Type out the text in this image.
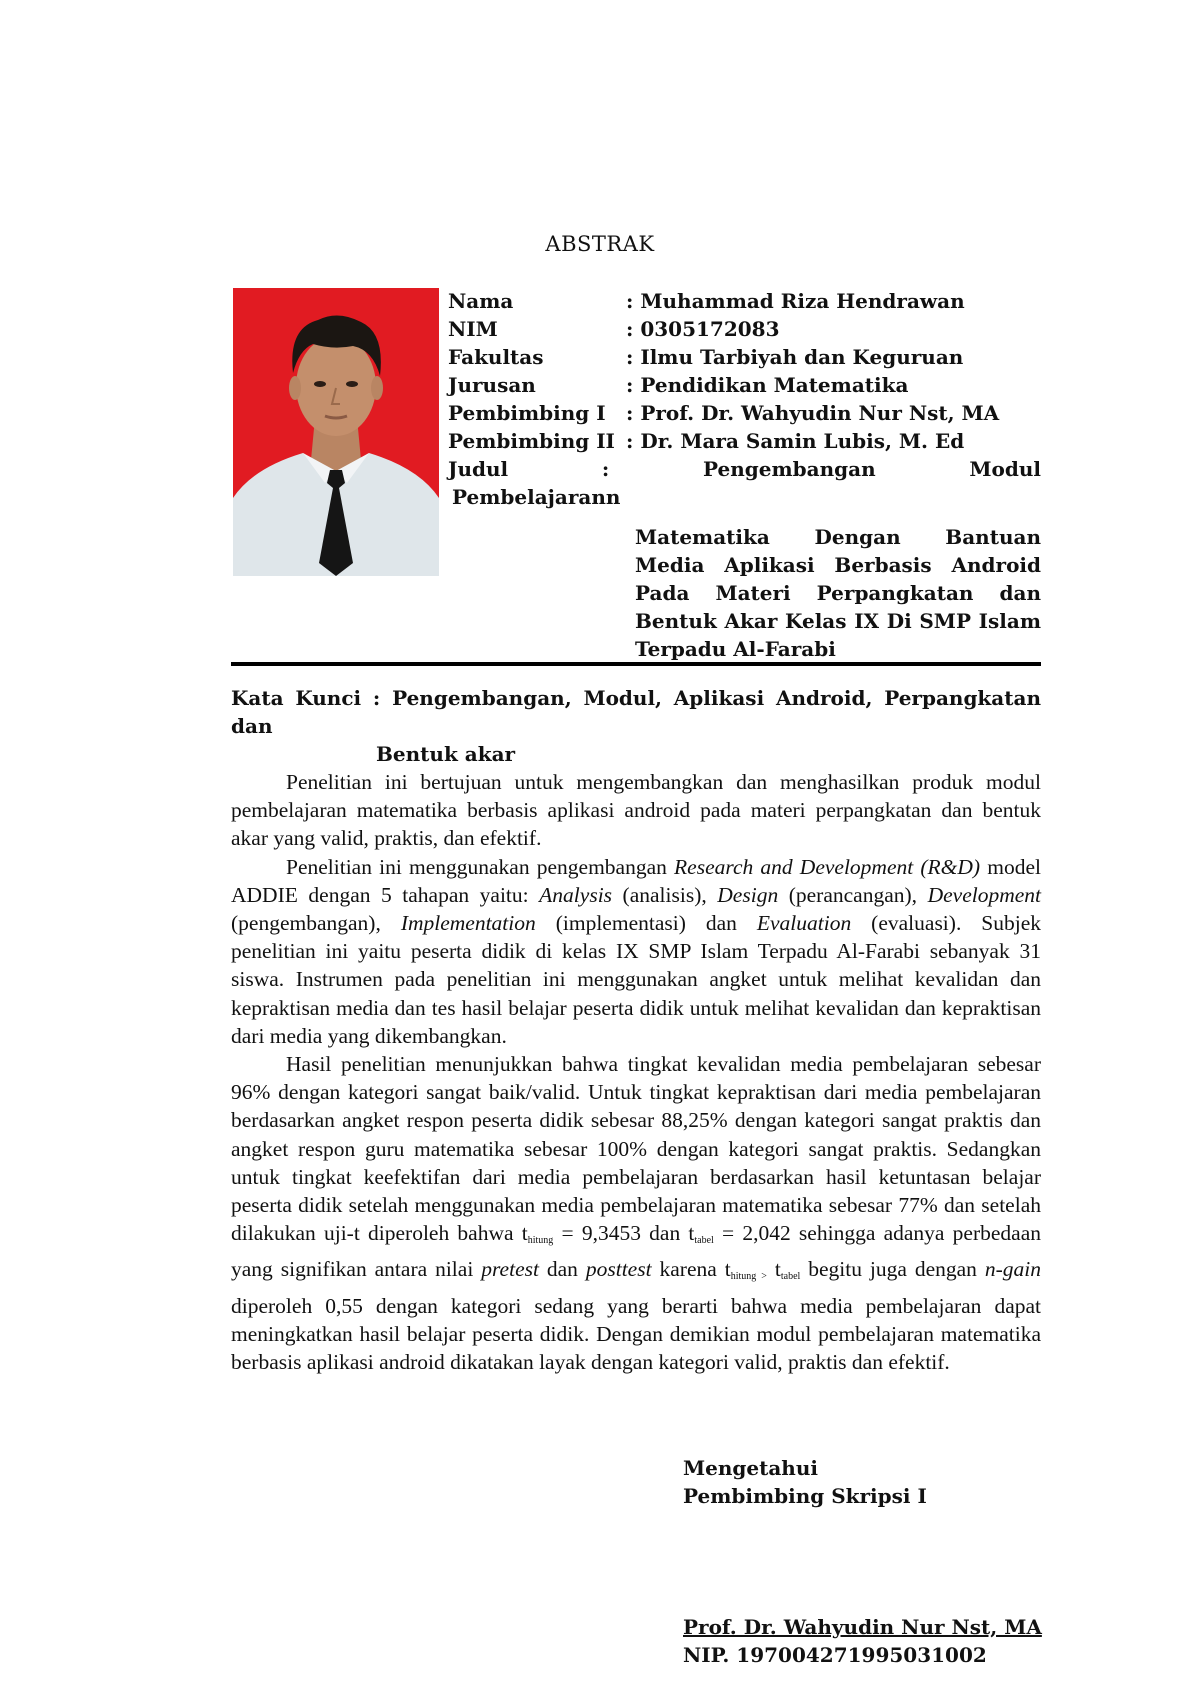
ABSTRAK
Nama	: Muhammad Riza Hendrawan
NIM	: 0305172083
Fakultas	: Ilmu Tarbiyah dan Keguruan
Jurusan	: Pendidikan Matematika
Pembimbing I	: Prof. Dr. Wahyudin Nur Nst, MA
Pembimbing II : Dr. Mara Samin Lubis, M. Ed
Judul	:	Pengembangan	Modul
Pembelajarann
Matematika Dengan Bantuan Media Aplikasi Berbasis Android Pada Materi Perpangkatan dan Bentuk Akar Kelas IX Di SMP Islam Terpadu Al-Farabi
Kata Kunci : Pengembangan, Modul, Aplikasi Android, Perpangkatan dan
Bentuk akar

Penelitian ini bertujuan untuk mengembangkan dan menghasilkan produk modul pembelajaran matematika berbasis aplikasi android pada materi perpangkatan dan bentuk akar yang valid, praktis, dan efektif.

Penelitian ini menggunakan pengembangan Research and Development (R&D) model ADDIE dengan 5 tahapan yaitu: Analysis (analisis), Design (perancangan), Development (pengembangan), Implementation (implementasi) dan Evaluation (evaluasi). Subjek penelitian ini yaitu peserta didik di kelas IX SMP Islam Terpadu Al-Farabi sebanyak 31 siswa. Instrumen pada penelitian ini menggunakan angket untuk melihat kevalidan dan kepraktisan media dan tes hasil belajar peserta didik untuk melihat kevalidan dan kepraktisan dari media yang dikembangkan.

Hasil penelitian menunjukkan bahwa tingkat kevalidan media pembelajaran sebesar 96% dengan kategori sangat baik/valid. Untuk tingkat kepraktisan dari media pembelajaran berdasarkan angket respon peserta didik sebesar 88,25% dengan kategori sangat praktis dan angket respon guru matematika sebesar 100% dengan kategori sangat praktis. Sedangkan untuk tingkat keefektifan dari media pembelajaran berdasarkan hasil ketuntasan belajar peserta didik setelah menggunakan media pembelajaran matematika sebesar 77% dan setelah dilakukan uji-t diperoleh bahwa $t_{hitung} = 9,3453$ dan $t_{tabel} = 2,042$ sehingga adanya perbedaan yang signifikan antara nilai pretest dan posttest karena $t_{hitung >}$ $t_{tabel}$ begitu juga dengan n-gain diperoleh 0,55 dengan kategori sedang yang berarti bahwa media pembelajaran dapat meningkatkan hasil belajar peserta didik. Dengan demikian modul pembelajaran matematika berbasis aplikasi android dikatakan layak dengan kategori valid, praktis dan efektif.

Mengetahui
Pembimbing Skripsi I
Prof. Dr. Wahyudin Nur Nst, MA
NIP. 197004271995031002
